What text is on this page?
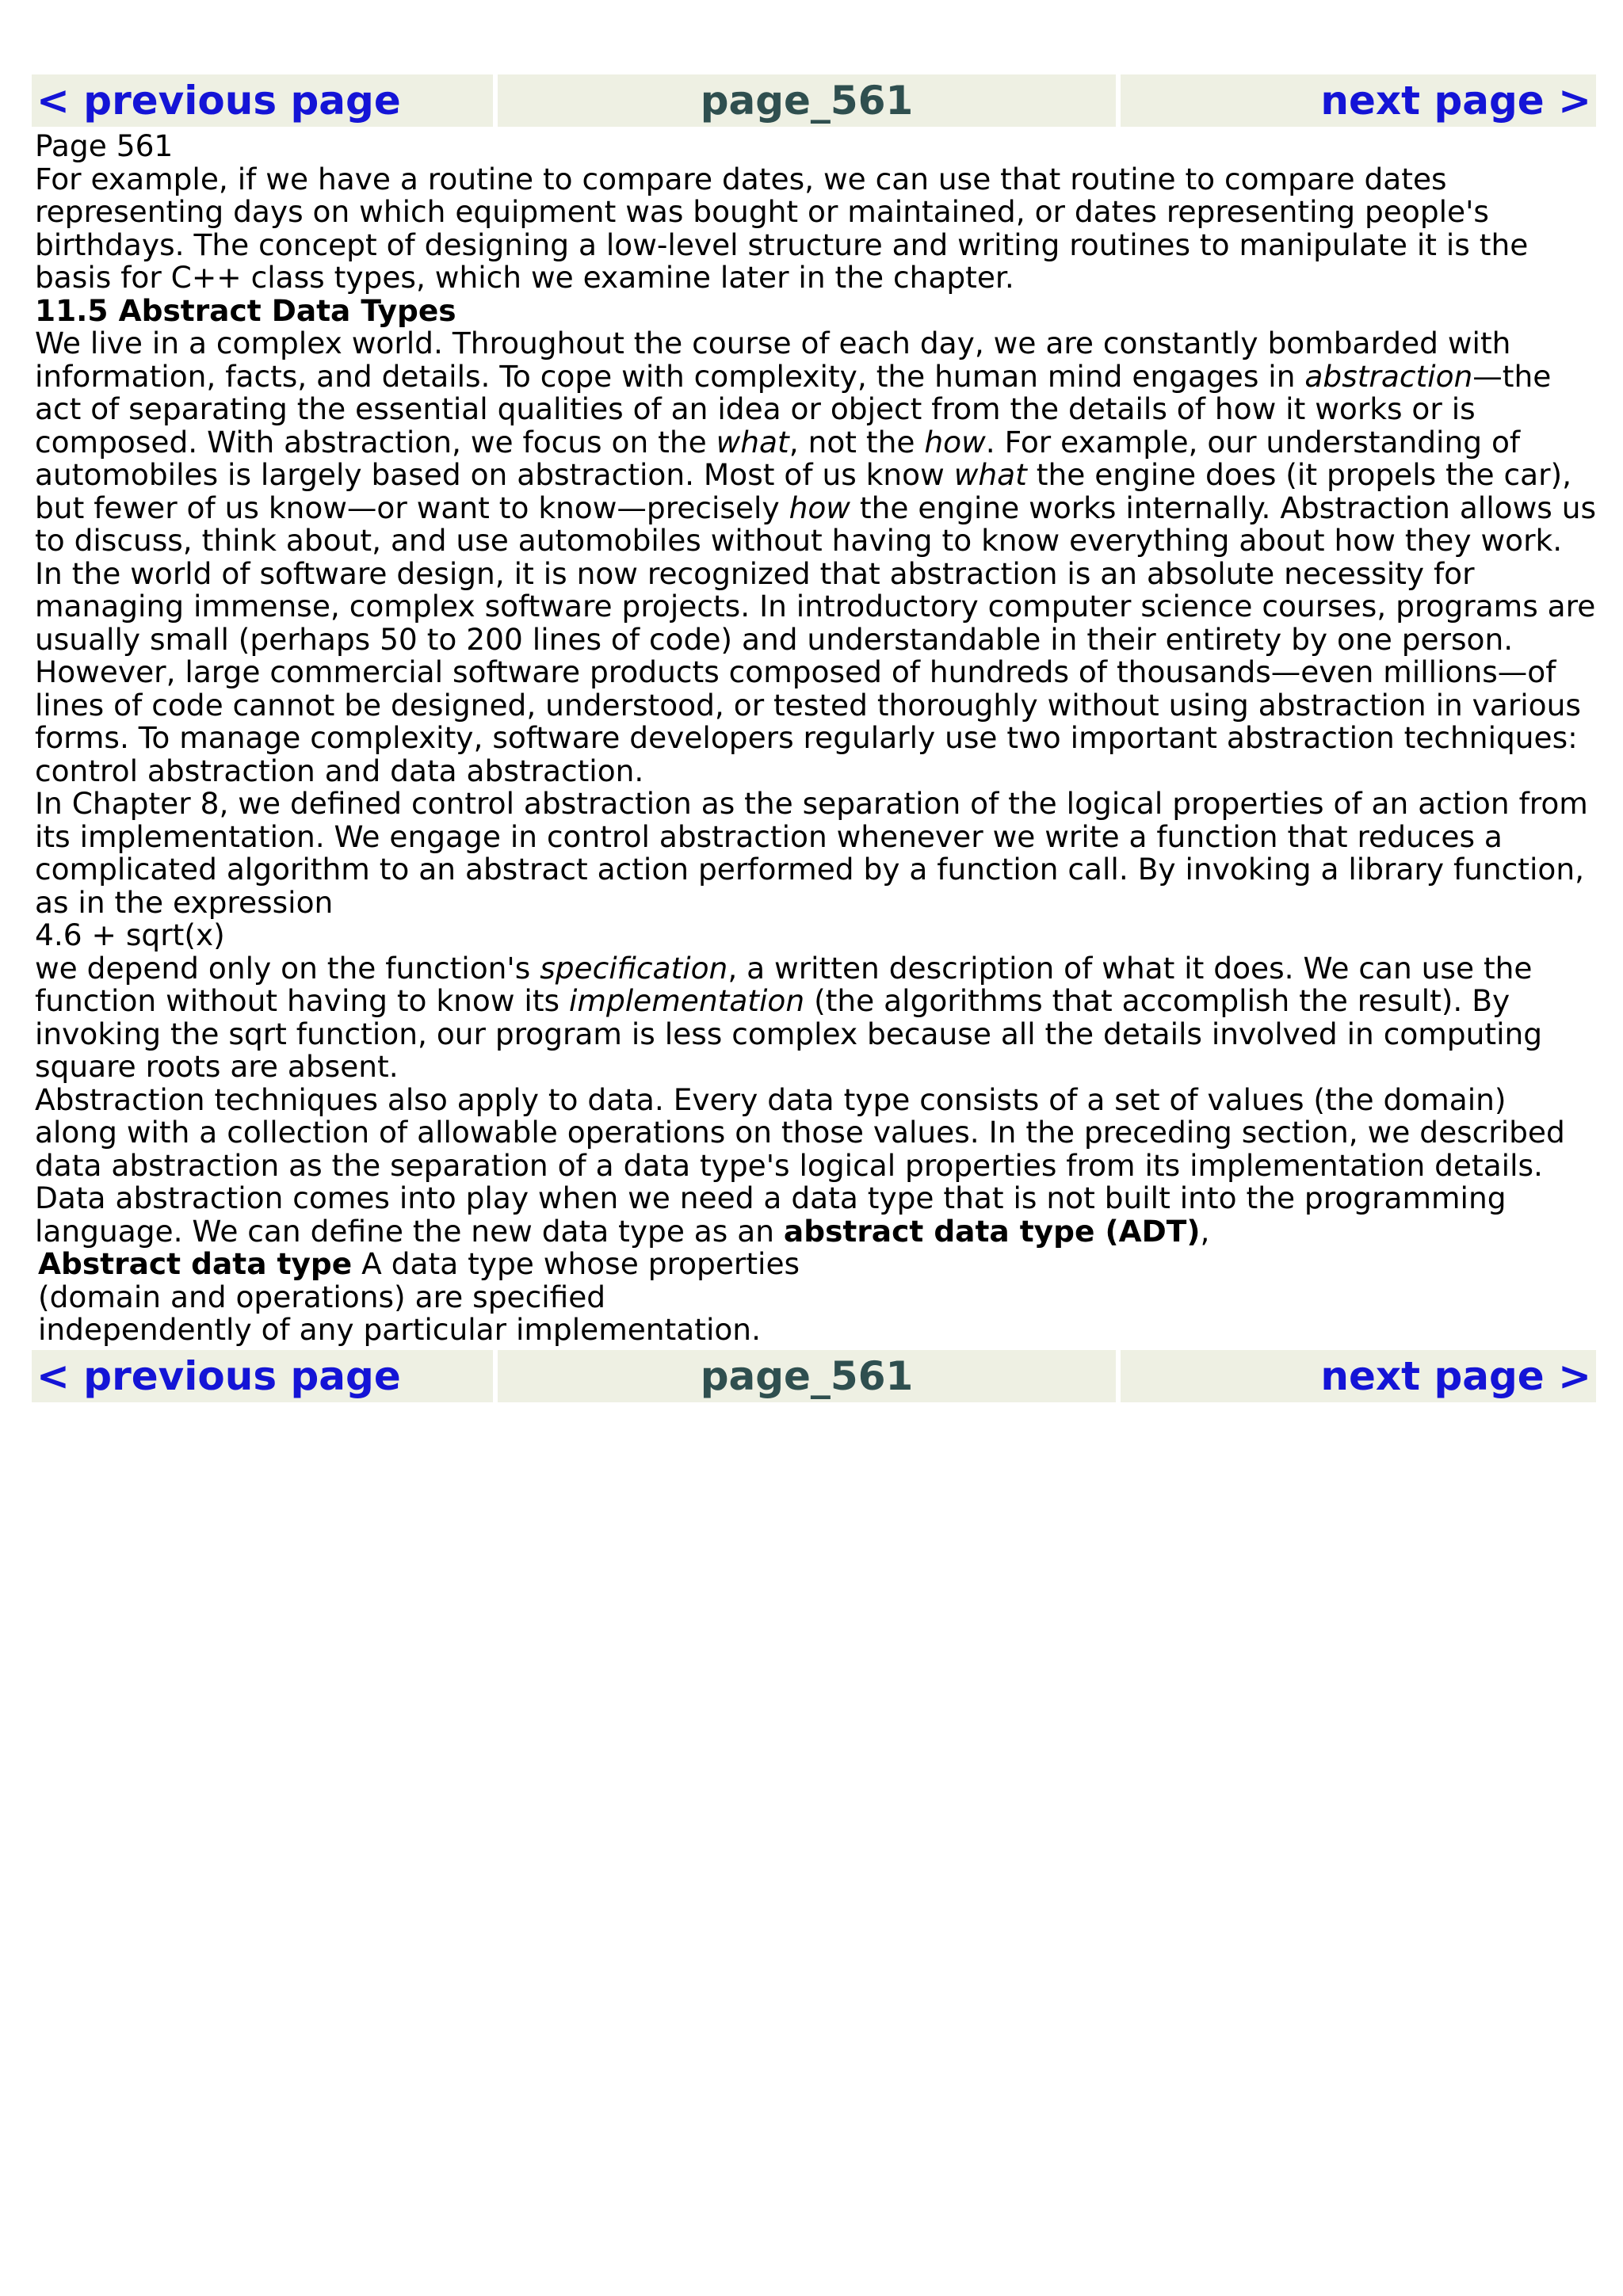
< previous page	page_561	next page >

Page 561

For example, if we have a routine to compare dates, we can use that routine to compare dates representing days on which equipment was bought or maintained, or dates representing people's birthdays. The concept of designing a low-level structure and writing routines to manipulate it is the basis for C++ class types, which we examine later in the chapter.

11.5 Abstract Data Types

We live in a complex world. Throughout the course of each day, we are constantly bombarded with information, facts, and details. To cope with complexity, the human mind engages in abstraction—the act of separating the essential qualities of an idea or object from the details of how it works or is composed. With abstraction, we focus on the what, not the how. For example, our understanding of automobiles is largely based on abstraction. Most of us know what the engine does (it propels the car), but fewer of us know—or want to know—precisely how the engine works internally. Abstraction allows us to discuss, think about, and use automobiles without having to know everything about how they work.

In the world of software design, it is now recognized that abstraction is an absolute necessity for managing immense, complex software projects. In introductory computer science courses, programs are usually small (perhaps 50 to 200 lines of code) and understandable in their entirety by one person. However, large commercial software products composed of hundreds of thousands—even millions—of lines of code cannot be designed, understood, or tested thoroughly without using abstraction in various forms. To manage complexity, software developers regularly use two important abstraction techniques: control abstraction and data abstraction.

In Chapter 8, we defined control abstraction as the separation of the logical properties of an action from its implementation. We engage in control abstraction whenever we write a function that reduces a complicated algorithm to an abstract action performed by a function call. By invoking a library function, as in the expression

4.6 + sqrt(x)

we depend only on the function's specification, a written description of what it does. We can use the function without having to know its implementation (the algorithms that accomplish the result). By invoking the sqrt function, our program is less complex because all the details involved in computing square roots are absent.

Abstraction techniques also apply to data. Every data type consists of a set of values (the domain) along with a collection of allowable operations on those values. In the preceding section, we described data abstraction as the separation of a data type's logical properties from its implementation details. Data abstraction comes into play when we need a data type that is not built into the programming language. We can define the new data type as an abstract data type (ADT),

Abstract data type A data type whose properties
(domain and operations) are specified
independently of any particular implementation.
< previous page	page_561	next page >
